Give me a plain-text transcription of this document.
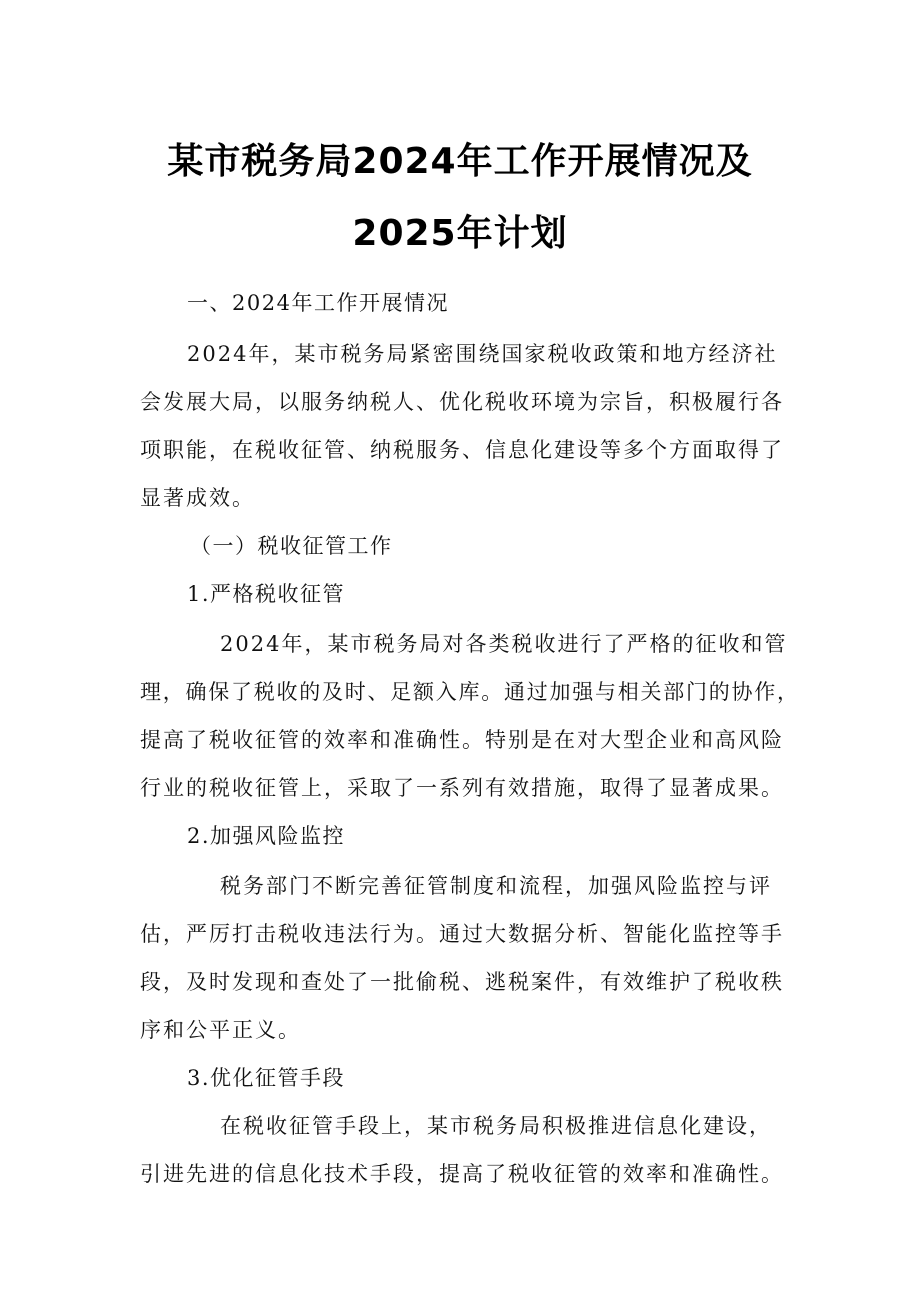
某市税务局2024年工作开展情况及
2025年计划
一、2024年工作开展情况
2024年，某市税务局紧密围绕国家税收政策和地方经济社
会发展大局，以服务纳税人、优化税收环境为宗旨，积极履行各
项职能，在税收征管、纳税服务、信息化建设等多个方面取得了
显著成效。
（一）税收征管工作
1.严格税收征管
2024年，某市税务局对各类税收进行了严格的征收和管
理，确保了税收的及时、足额入库。通过加强与相关部门的协作，
提高了税收征管的效率和准确性。特别是在对大型企业和高风险
行业的税收征管上，采取了一系列有效措施，取得了显著成果。
2.加强风险监控
税务部门不断完善征管制度和流程，加强风险监控与评
估，严厉打击税收违法行为。通过大数据分析、智能化监控等手
段，及时发现和查处了一批偷税、逃税案件，有效维护了税收秩
序和公平正义。
3.优化征管手段
在税收征管手段上，某市税务局积极推进信息化建设，
引进先进的信息化技术手段，提高了税收征管的效率和准确性。
